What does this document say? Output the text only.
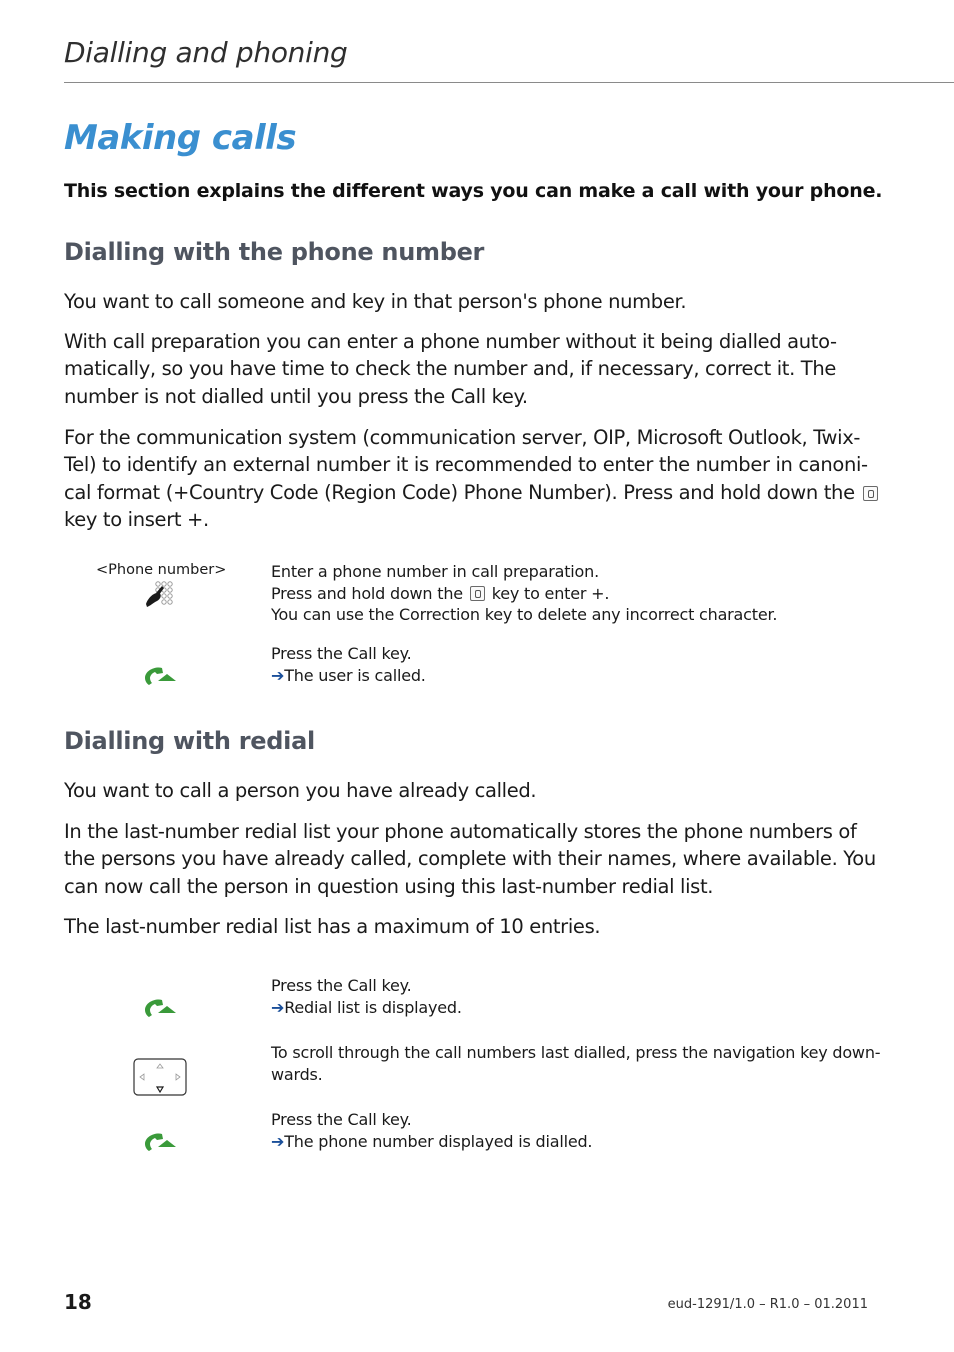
Dialling and phoning
Making calls
This section explains the different ways you can make a call with your phone.
Dialling with the phone number
You want to call someone and key in that person's phone number.
With call preparation you can enter a phone number without it being dialled auto-
matically, so you have time to check the number and, if necessary, correct it. The
number is not dialled until you press the Call key.
For the communication system (communication server, OIP, Microsoft Outlook, Twix-
Tel) to identify an external number it is recommended to enter the number in canoni-
cal format (+Country Code (Region Code) Phone Number). Press and hold down the
key to insert +.
<Phone number>	Enter a phone number in call preparation.
Press and hold down the key to enter +.
You can use the Correction key to delete any incorrect character.
Press the Call key.
➔The user is called.
Dialling with redial
You want to call a person you have already called.
In the last-number redial list your phone automatically stores the phone numbers of
the persons you have already called, complete with their names, where available. You
can now call the person in question using this last-number redial list.
The last-number redial list has a maximum of 10 entries.
Press the Call key.
➔Redial list is displayed.
To scroll through the call numbers last dialled, press the navigation key down-
wards.
Press the Call key.
➔The phone number displayed is dialled.
18	eud-1291/1.0 – R1.0 – 01.2011
